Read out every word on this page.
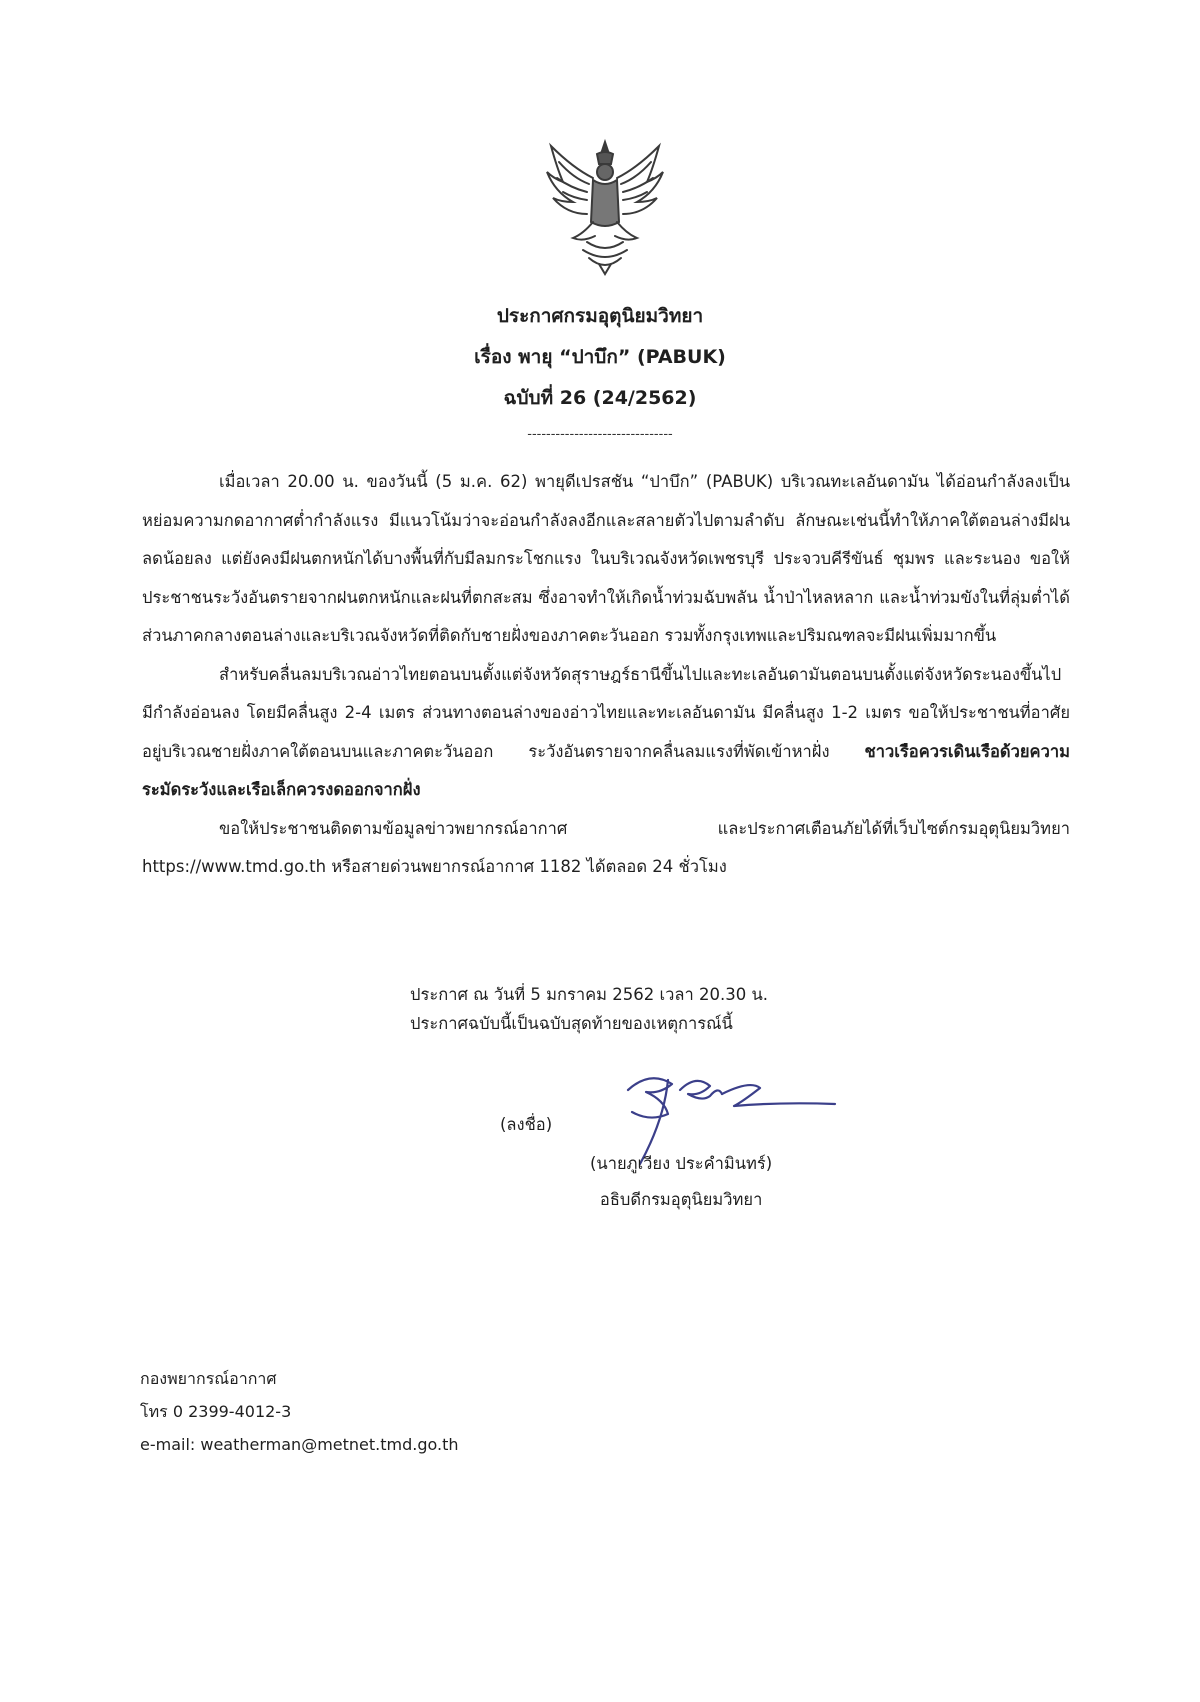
ประกาศกรมอุตุนิยมวิทยา
เรื่อง พายุ “ปาบึก” (PABUK)
ฉบับที่ 26 (24/2562)
-------------------------------

เมื่อเวลา 20.00 น. ของวันนี้ (5 ม.ค. 62) พายุดีเปรสชัน “ปาบึก” (PABUK) บริเวณทะเลอันดามัน ได้อ่อนกำลังลงเป็นหย่อมความกดอากาศต่ำกำลังแรง มีแนวโน้มว่าจะอ่อนกำลังลงอีกและสลายตัวไปตามลำดับ ลักษณะเช่นนี้ทำให้ภาคใต้ตอนล่างมีฝนลดน้อยลง แต่ยังคงมีฝนตกหนักได้บางพื้นที่กับมีลมกระโชกแรง ในบริเวณจังหวัดเพชรบุรี ประจวบคีรีขันธ์ ชุมพร และระนอง ขอให้ประชาชนระวังอันตรายจากฝนตกหนักและฝนที่ตกสะสม ซึ่งอาจทำให้เกิดน้ำท่วมฉับพลัน น้ำป่าไหลหลาก และน้ำท่วมขังในที่ลุ่มต่ำได้ ส่วนภาคกลางตอนล่างและบริเวณจังหวัดที่ติดกับชายฝั่งของภาคตะวันออก รวมทั้งกรุงเทพและปริมณฑลจะมีฝนเพิ่มมากขึ้น

สำหรับคลื่นลมบริเวณอ่าวไทยตอนบนตั้งแต่จังหวัดสุราษฎร์ธานีขึ้นไปและทะเลอันดามันตอนบนตั้งแต่จังหวัดระนองขึ้นไป มีกำลังอ่อนลง โดยมีคลื่นสูง 2-4 เมตร ส่วนทางตอนล่างของอ่าวไทยและทะเลอันดามัน มีคลื่นสูง 1-2 เมตร ขอให้ประชาชนที่อาศัยอยู่บริเวณชายฝั่งภาคใต้ตอนบนและภาคตะวันออก ระวังอันตรายจากคลื่นลมแรงที่พัดเข้าหาฝั่ง ชาวเรือควรเดินเรือด้วยความระมัดระวังและเรือเล็กควรงดออกจากฝั่ง

ขอให้ประชาชนติดตามข้อมูลข่าวพยากรณ์อากาศ และประกาศเตือนภัยได้ที่เว็บไซต์กรมอุตุนิยมวิทยา https://www.tmd.go.th หรือสายด่วนพยากรณ์อากาศ 1182 ได้ตลอด 24 ชั่วโมง

ประกาศ ณ วันที่ 5 มกราคม 2562 เวลา 20.30 น.
ประกาศฉบับนี้เป็นฉบับสุดท้ายของเหตุการณ์นี้
(ลงชื่อ)
(นายภูเวียง ประคำมินทร์)
อธิบดีกรมอุตุนิยมวิทยา
กองพยากรณ์อากาศ
โทร 0 2399-4012-3
e-mail: weatherman@metnet.tmd.go.th
